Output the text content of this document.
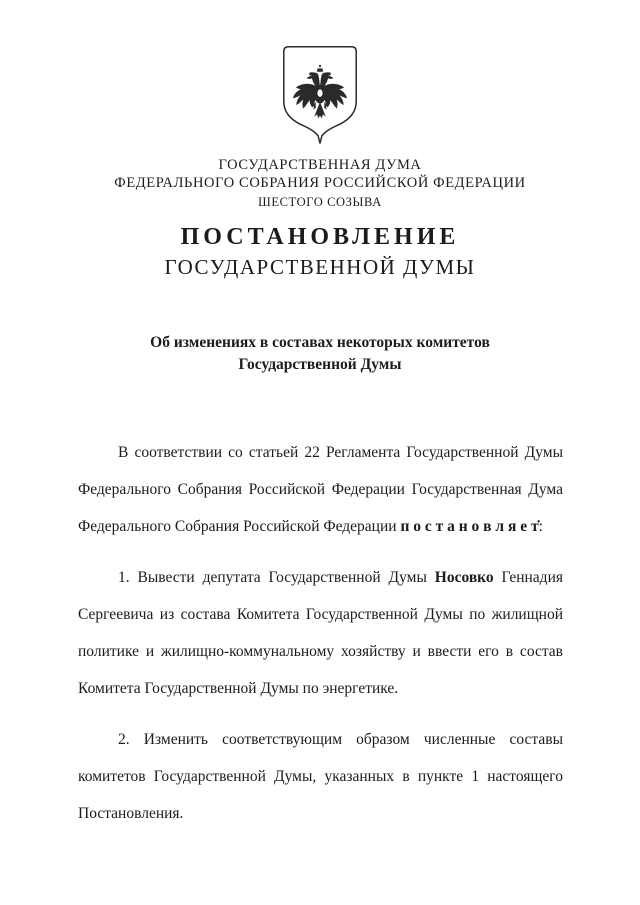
ГОСУДАРСТВЕННАЯ ДУМА
ФЕДЕРАЛЬНОГО СОБРАНИЯ РОССИЙСКОЙ ФЕДЕРАЦИИ
ШЕСТОГО СОЗЫВА
ПОСТАНОВЛЕНИЕ
ГОСУДАРСТВЕННОЙ ДУМЫ
Об изменениях в составах некоторых комитетов
Государственной Думы

В соответствии со статьей 22 Регламента Государственной Думы Федерального Собрания Российской Федерации Государственная Дума Федерального Собрания Российской Федерации п о с т а н о в л я е т̇:

1. Вывести депутата Государственной Думы Носовко Геннадия Сергеевича из состава Комитета Государственной Думы по жилищной политике и жилищно-коммунальному хозяйству и ввести его в состав Комитета Государственной Думы по энергетике.

2. Изменить соответствующим образом численные составы комитетов Государственной Думы, указанных в пункте 1 настоящего Постановления.
